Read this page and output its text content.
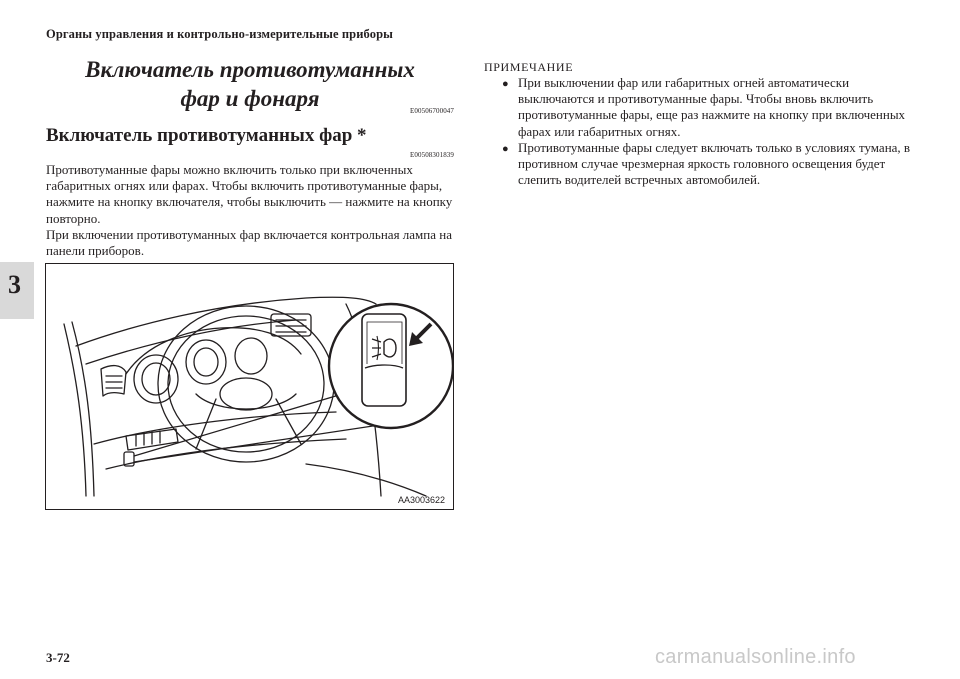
Органы управления и контрольно-измерительные приборы
3
Включатель противотуманных
фар и фонаря	E00506700047
Включатель противотуманных фар *
E00508301839

Противотуманные фары можно включить только при включенных габаритных огнях или фарах. Чтобы включить противотуманные фары, нажмите на кнопку включателя, чтобы выключить — нажмите на кнопку повторно.

При включении противотуманных фар включается контрольная лампа на панели приборов.

AA3003622
ПРИМЕЧАНИЕ
● При выключении фар или габаритных огней автоматически выключаются и противотуманные фары. Чтобы вновь включить противотуманные фары, еще раз нажмите на кнопку при включенных фарах или габаритных огнях.
● Противотуманные фары следует включать только в условиях тумана, в противном случае чрезмерная яркость головного освещения будет слепить водителей встречных автомобилей.
3-72	carmanualsonline.info
